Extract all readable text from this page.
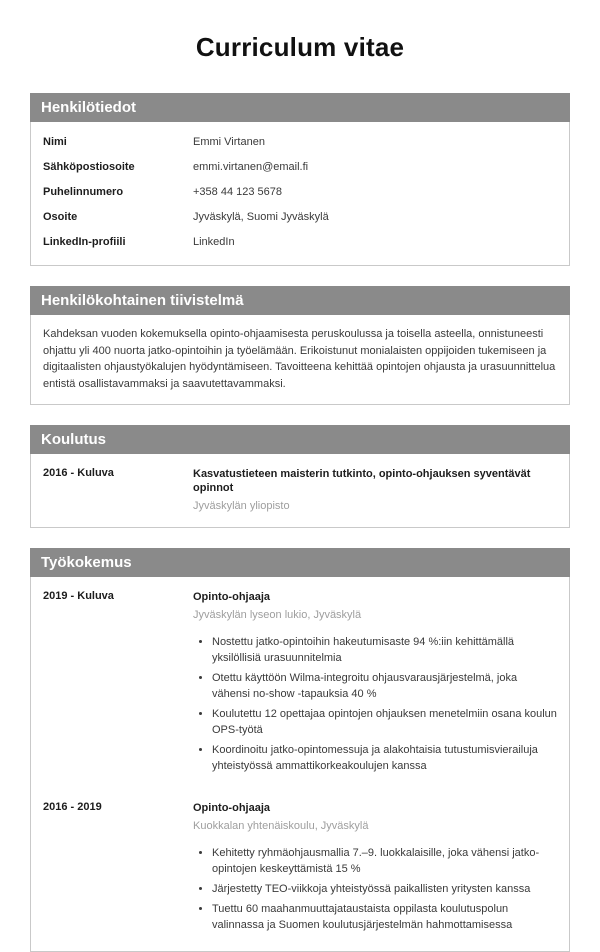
Curriculum vitae
Henkilötiedot
Nimi	Emmi Virtanen
Sähköpostiosoite	emmi.virtanen@email.fi
Puhelinnumero	+358 44 123 5678
Osoite	Jyväskylä, Suomi Jyväskylä
LinkedIn-profiili	LinkedIn
Henkilökohtainen tiivistelmä

Kahdeksan vuoden kokemuksella opinto-ohjaamisesta peruskoulussa ja toisella asteella, onnistuneesti ohjattu yli 400 nuorta jatko-opintoihin ja työelämään. Erikoistunut monialaisten oppijoiden tukemiseen ja digitaalisten ohjaustyökalujen hyödyntämiseen. Tavoitteena kehittää opintojen ohjausta ja urasuunnittelua entistä osallistavammaksi ja saavutettavammaksi.

Koulutus
2016 - Kuluva	Kasvatustieteen maisterin tutkinto, opinto-ohjauksen syventävät opinnot
Jyväskylän yliopisto
Työkokemus
2019 - Kuluva	Opinto-ohjaaja
Jyväskylän lyseon lukio, Jyväskylä
• Nostettu jatko-opintoihin hakeutumisaste 94 %:iin kehittämällä yksilöllisiä urasuunnitelmia
• Otettu käyttöön Wilma-integroitu ohjausvarausjärjestelmä, joka vähensi no-show -tapauksia 40 %
• Koulutettu 12 opettajaa opintojen ohjauksen menetelmiin osana koulun OPS-työtä
• Koordinoitu jatko-opintomessuja ja alakohtaisia tutustumisvierailuja yhteistyössä ammattikorkeakoulujen kanssa
2016 - 2019	Opinto-ohjaaja
Kuokkalan yhtenäiskoulu, Jyväskylä
• Kehitetty ryhmäohjausmallia 7.–9. luokkalaisille, joka vähensi jatko-opintojen keskeyttämistä 15 %
• Järjestetty TEO-viikkoja yhteistyössä paikallisten yritysten kanssa
• Tuettu 60 maahanmuuttajataustaista oppilasta koulutuspolun valinnassa ja Suomen koulutusjärjestelmän hahmottamisessa
